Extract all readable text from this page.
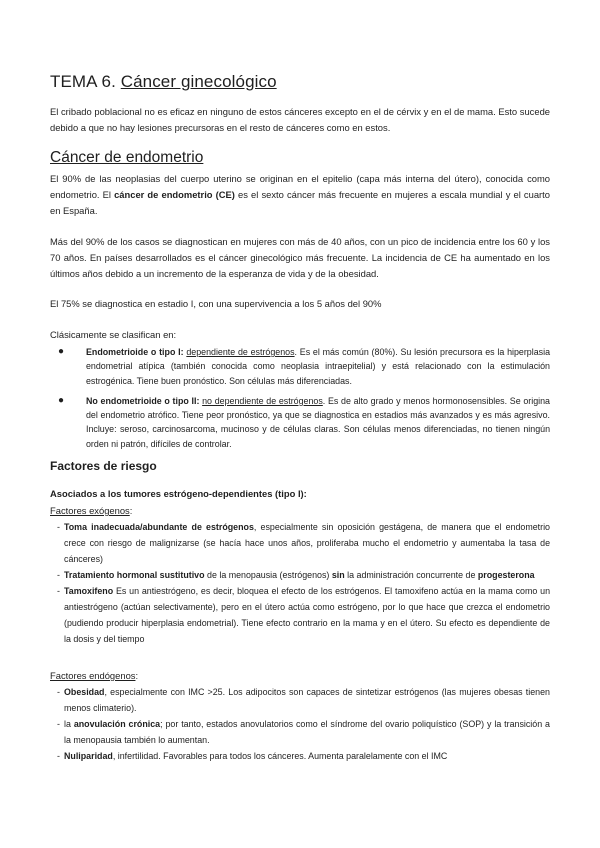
TEMA 6. Cáncer ginecológico
El cribado poblacional no es eficaz en ninguno de estos cánceres excepto en el de cérvix y en el de mama. Esto sucede debido a que no hay lesiones precursoras en el resto de cánceres como en estos.
Cáncer de endometrio
El 90% de las neoplasias del cuerpo uterino se originan en el epitelio (capa más interna del útero), conocida como endometrio. El cáncer de endometrio (CE) es el sexto cáncer más frecuente en mujeres a escala mundial y el cuarto en España.
Más del 90% de los casos se diagnostican en mujeres con más de 40 años, con un pico de incidencia entre los 60 y los 70 años. En países desarrollados es el cáncer ginecológico más frecuente. La incidencia de CE ha aumentado en los últimos años debido a un incremento de la esperanza de vida y de la obesidad.
El 75% se diagnostica en estadio I, con una supervivencia a los 5 años del 90%
Clásicamente se clasifican en:
● Endometrioide o tipo I: dependiente de estrógenos. Es el más común (80%). Su lesión precursora es la hiperplasia endometrial atípica (también conocida como neoplasia intraepitelial) y está relacionado con la estimulación estrogénica. Tiene buen pronóstico. Son células más diferenciadas.
● No endometrioide o tipo II: no dependiente de estrógenos. Es de alto grado y menos hormonosensibles. Se origina del endometrio atrófico. Tiene peor pronóstico, ya que se diagnostica en estadios más avanzados y es más agresivo. Incluye: seroso, carcinosarcoma, mucinoso y de células claras. Son células menos diferenciadas, no tienen ningún orden ni patrón, difíciles de controlar.
Factores de riesgo
Asociados a los tumores estrógeno-dependientes (tipo I):
Factores exógenos:
- Toma inadecuada/abundante de estrógenos, especialmente sin oposición gestágena, de manera que el endometrio crece con riesgo de malignizarse (se hacía hace unos años, proliferaba mucho el endometrio y aumentaba la tasa de cánceres)
- Tratamiento hormonal sustitutivo de la menopausia (estrógenos) sin la administración concurrente de progesterona
- Tamoxifeno Es un antiestrógeno, es decir, bloquea el efecto de los estrógenos. El tamoxifeno actúa en la mama como un antiestrógeno (actúan selectivamente), pero en el útero actúa como estrógeno, por lo que hace que crezca el endometrio (pudiendo producir hiperplasia endometrial). Tiene efecto contrario en la mama y en el útero. Su efecto es dependiente de la dosis y del tiempo
Factores endógenos:
- Obesidad, especialmente con IMC >25. Los adipocitos son capaces de sintetizar estrógenos (las mujeres obesas tienen menos climaterio).
- la anovulación crónica; por tanto, estados anovulatorios como el síndrome del ovario poliquístico (SOP) y la transición a la menopausia también lo aumentan.
- Nuliparidad, infertilidad. Favorables para todos los cánceres. Aumenta paralelamente con el IMC
